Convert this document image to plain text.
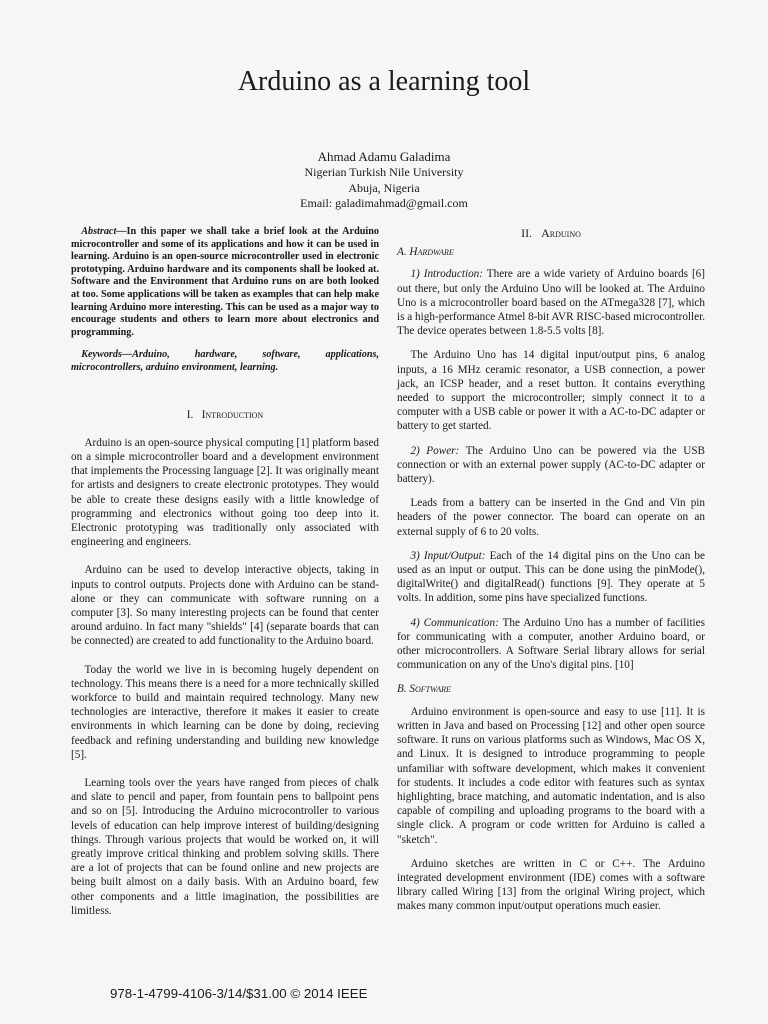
Arduino as a learning tool
Ahmad Adamu Galadima
Nigerian Turkish Nile University
Abuja, Nigeria
Email: galadimahmad@gmail.com

Abstract—In this paper we shall take a brief look at the Arduino microcontroller and some of its applications and how it can be used in learning. Arduino is an open-source microcontroller used in electronic prototyping. Arduino hardware and its components shall be looked at. Software and the Environment that Arduino runs on are both looked at too. Some applications will be taken as examples that can help make learning Arduino more interesting. This can be used as a major way to encourage students and others to learn more about electronics and programming.

Keywords—Arduino, hardware, software, applications, microcontrollers, arduino environment, learning.

I. Introduction

Arduino is an open-source physical computing [1] platform based on a simple microcontroller board and a development environment that implements the Processing language [2]. It was originally meant for artists and designers to create electronic prototypes. They would be able to create these designs easily with a little knowledge of programming and electronics without going too deep into it. Electronic prototyping was traditionally only associated with engineering and engineers.

Arduino can be used to develop interactive objects, taking in inputs to control outputs. Projects done with Arduino can be stand-alone or they can communicate with software running on a computer [3]. So many interesting projects can be found that center around arduino. In fact many "shields" [4] (separate boards that can be connected) are created to add functionality to the Arduino board.

Today the world we live in is becoming hugely dependent on technology. This means there is a need for a more technically skilled workforce to build and maintain required technology. Many new technologies are interactive, therefore it makes it easier to create environments in which learning can be done by doing, recieving feedback and refining understanding and building new knowledge [5].

Learning tools over the years have ranged from pieces of chalk and slate to pencil and paper, from fountain pens to ballpoint pens and so on [5]. Introducing the Arduino microcontroller to various levels of education can help improve interest of building/designing things. Through various projects that would be worked on, it will greatly improve critical thinking and problem solving skills. There are a lot of projects that can be found online and new projects are being built almost on a daily basis. With an Arduino board, few other components and a little imagination, the possibilities are limitless.

II. Arduino
A. Hardware

1) Introduction: There are a wide variety of Arduino boards [6] out there, but only the Arduino Uno will be looked at. The Arduino Uno is a microcontroller board based on the ATmega328 [7], which is a high-performance Atmel 8-bit AVR RISC-based microcontroller. The device operates between 1.8-5.5 volts [8].

The Arduino Uno has 14 digital input/output pins, 6 analog inputs, a 16 MHz ceramic resonator, a USB connection, a power jack, an ICSP header, and a reset button. It contains everything needed to support the microcontroller; simply connect it to a computer with a USB cable or power it with a AC-to-DC adapter or battery to get started.

2) Power: The Arduino Uno can be powered via the USB connection or with an external power supply (AC-to-DC adapter or battery).

Leads from a battery can be inserted in the Gnd and Vin pin headers of the power connector. The board can operate on an external supply of 6 to 20 volts.

3) Input/Output: Each of the 14 digital pins on the Uno can be used as an input or output. This can be done using the pinMode(), digitalWrite() and digitalRead() functions [9]. They operate at 5 volts. In addition, some pins have specialized functions.

4) Communication: The Arduino Uno has a number of facilities for communicating with a computer, another Arduino board, or other microcontrollers. A Software Serial library allows for serial communication on any of the Uno's digital pins. [10]

B. Software

Arduino environment is open-source and easy to use [11]. It is written in Java and based on Processing [12] and other open source software. It runs on various platforms such as Windows, Mac OS X, and Linux. It is designed to introduce programming to people unfamiliar with software development, which makes it convenient for students. It includes a code editor with features such as syntax highlighting, brace matching, and automatic indentation, and is also capable of compiling and uploading programs to the board with a single click. A program or code written for Arduino is called a "sketch".

Arduino sketches are written in C or C++. The Arduino integrated development environment (IDE) comes with a software library called Wiring [13] from the original Wiring project, which makes many common input/output operations much easier.

978-1-4799-4106-3/14/$31.00 © 2014 IEEE
